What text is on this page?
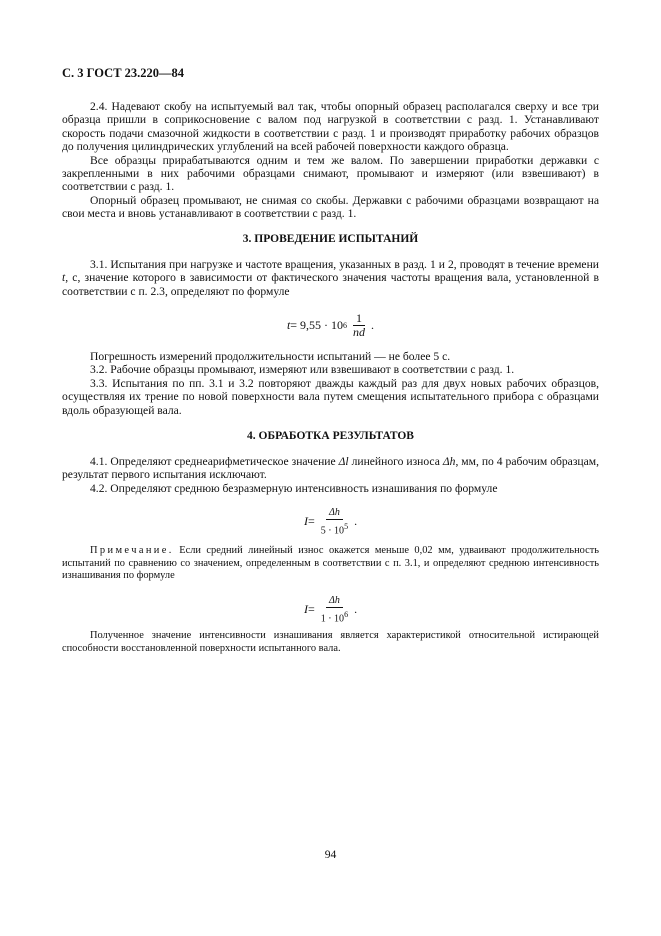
С. 3 ГОСТ 23.220—84

2.4. Надевают скобу на испытуемый вал так, чтобы опорный образец располагался сверху и все три образца пришли в соприкосновение с валом под нагрузкой в соответствии с разд. 1. Устанавливают скорость подачи смазочной жидкости в соответствии с разд. 1 и производят приработку рабочих образцов до получения цилиндрических углублений на всей рабочей поверхности каждого образца.

Все образцы прирабатываются одним и тем же валом. По завершении приработки державки с закрепленными в них рабочими образцами снимают, промывают и измеряют (или взвешивают) в соответствии с разд. 1.

Опорный образец промывают, не снимая со скобы. Державки с рабочими образцами возвращают на свои места и вновь устанавливают в соответствии с разд. 1.

3. ПРОВЕДЕНИЕ ИСПЫТАНИЙ

3.1. Испытания при нагрузке и частоте вращения, указанных в разд. 1 и 2, проводят в течение времени t, с, значение которого в зависимости от фактического значения частоты вращения вала, установленной в соответствии с п. 2.3, определяют по формуле

t = 9,55 · 10 $6 \frac{1}{nd}$ .

Погрешность измерений продолжительности испытаний — не более 5 с.

3.2. Рабочие образцы промывают, измеряют или взвешивают в соответствии с разд. 1.

3.3. Испытания по пп. 3.1 и 3.2 повторяют дважды каждый раз для двух новых рабочих образцов, осуществляя их трение по новой поверхности вала путем смещения испытательного прибора с образцами вдоль образующей вала.

4. ОБРАБОТКА РЕЗУЛЬТАТОВ

4.1. Определяют среднеарифметическое значение Δl линейного износа Δh, мм, по 4 рабочим образцам, результат первого испытания исключают.

4.2. Определяют среднюю безразмерную интенсивность изнашивания по формуле

$I = \frac{\Delta h}{5 \cdot 10^5}$ .

Примечание. Если средний линейный износ окажется меньше 0,02 мм, удваивают продолжительность испытаний по сравнению со значением, определенным в соответствии с п. 3.1, и определяют среднюю интенсивность изнашивания по формуле

$I = \frac{\Delta h}{1 \cdot 10^6}$ .

Полученное значение интенсивности изнашивания является характеристикой относительной истирающей способности восстановленной поверхности испытанного вала.

94
